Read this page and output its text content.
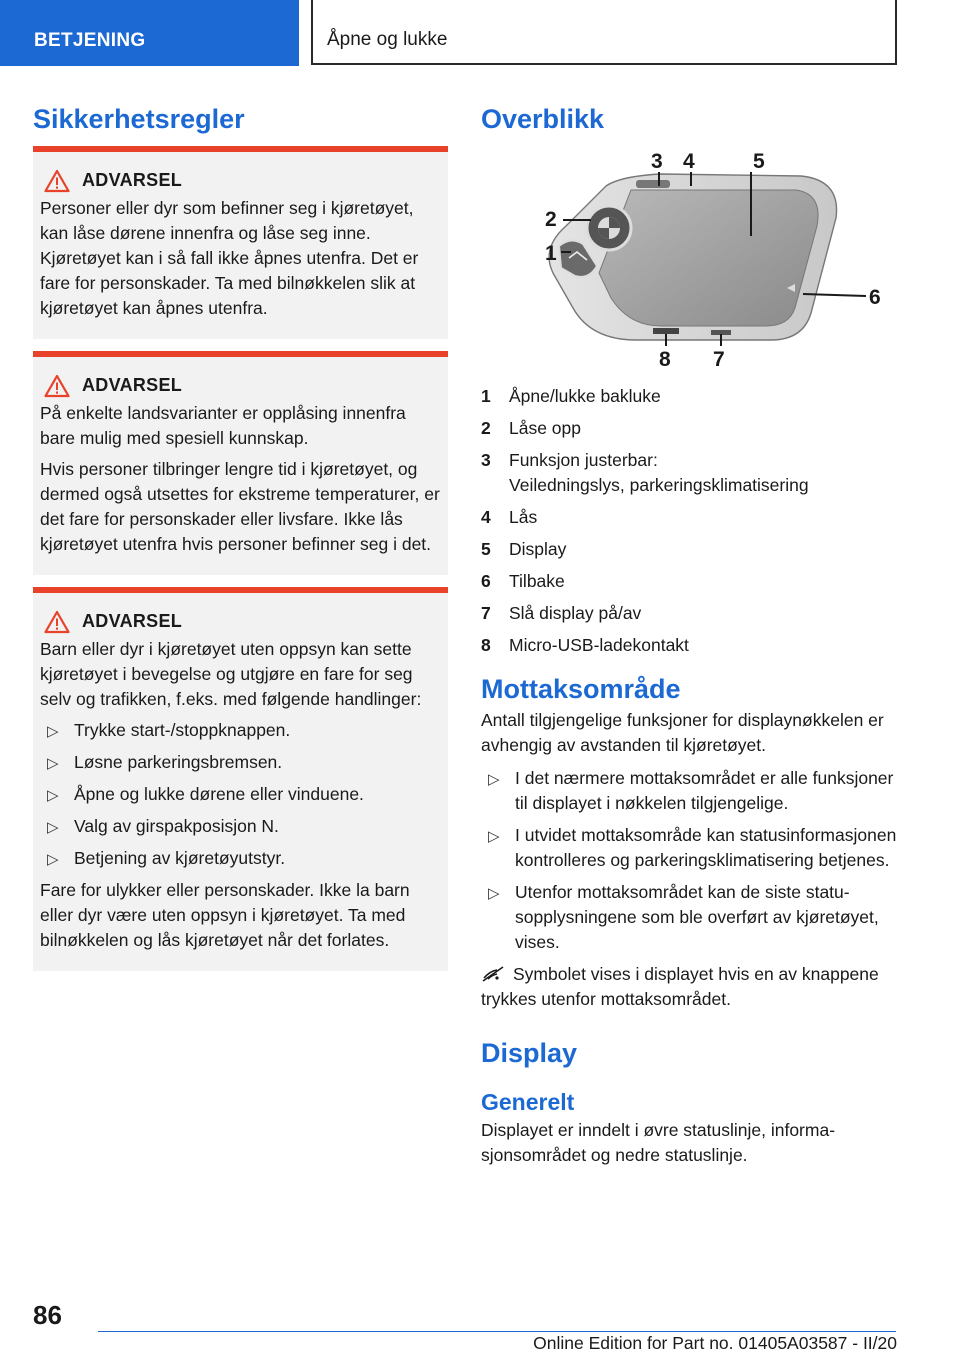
BETJENING	Åpne og lukke
Sikkerhetsregler
ADVARSEL

Personer eller dyr som befinner seg i kjøretøyet, kan låse dørene innenfra og låse seg inne. Kjøretøyet kan i så fall ikke åpnes utenfra. Det er fare for personskader. Ta med bilnøkkelen slik at kjøretøyet kan åpnes utenfra.

ADVARSEL

På enkelte landsvarianter er opplåsing innenfra bare mulig med spesiell kunnskap.

Hvis personer tilbringer lengre tid i kjøretøyet, og dermed også utsettes for ekstreme temperaturer, er det fare for personskader eller livsfare. Ikke lås kjøretøyet utenfra hvis personer befinner seg i det.

ADVARSEL

Barn eller dyr i kjøretøyet uten oppsyn kan sette kjøretøyet i bevegelse og utgjøre en fare for seg selv og trafikken, f.eks. med følgende handlinger:

▷ Trykke start-/stoppknappen.
▷ Løsne parkeringsbremsen.
▷ Åpne og lukke dørene eller vinduene.
▷ Valg av girspakposisjon N.
▷ Betjening av kjøretøyutstyr.

Fare for ulykker eller personskader. Ikke la barn eller dyr være uten oppsyn i kjøretøyet. Ta med bilnøkkelen og lås kjøretøyet når det forlates.

Overblikk
3 4	5
2
1
6
8 7
1	Åpne/lukke bakluke
2	Låse opp
3	Funksjon justerbar:
Veiledningslys, parkeringsklimatisering
4	Lås
5	Display
6	Tilbake
7	Slå display på/av
8	Micro-USB-ladekontakt
Mottaksområde

Antall tilgjengelige funksjoner for displaynøkkelen er avhengig av avstanden til kjøretøyet.

▷ I det nærmere mottaksområdet er alle funksjoner til displayet i nøkkelen tilgjengelige.
▷ I utvidet mottaksområde kan statusinformasjonen kontrolleres og parkeringsklimatisering betjenes.
▷ Utenfor mottaksområdet kan de siste statusopplysningene som ble overført av kjøretøyet, vises.

Symbolet vises i displayet hvis en av knappene trykkes utenfor mottaksområdet.

Display
Generelt

Displayet er inndelt i øvre statuslinje, informasjonsområdet og nedre statuslinje.

86
Online Edition for Part no. 01405A03587 - II/20
